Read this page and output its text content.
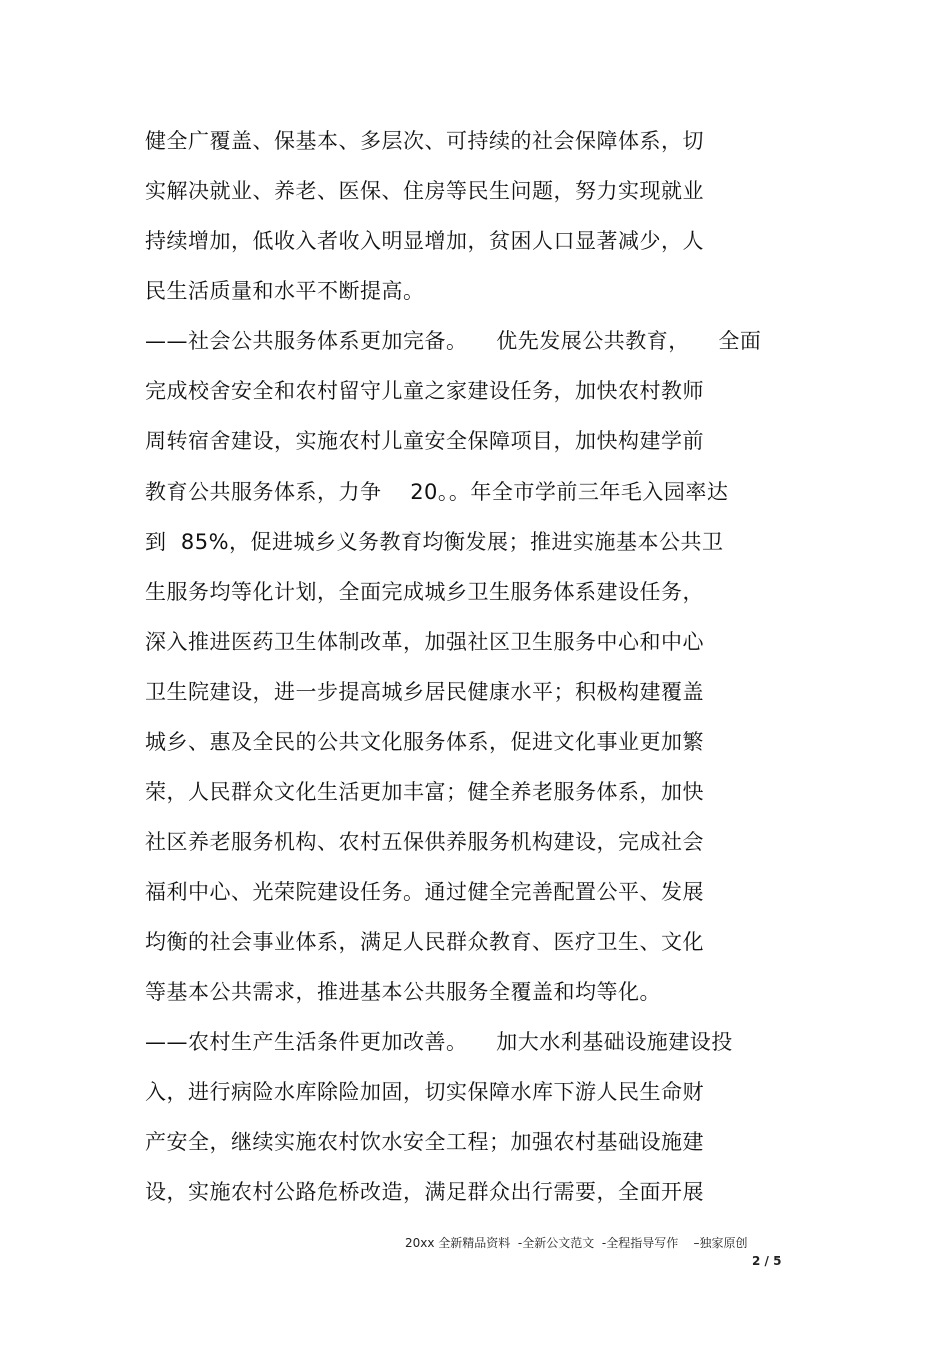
健全广覆盖、保基本、多层次、可持续的社会保障体系，切
实解决就业、养老、医保、住房等民生问题，努力实现就业
持续增加，低收入者收入明显增加，贫困人口显著减少，人
民生活质量和水平不断提高。
——社会公共服务体系更加完备。    优先发展公共教育，    全面
完成校舍安全和农村留守儿童之家建设任务，加快农村教师
周转宿舍建设，实施农村儿童安全保障项目，加快构建学前
教育公共服务体系，力争    20。。年全市学前三年毛入园率达
到  85%，促进城乡义务教育均衡发展；推进实施基本公共卫
生服务均等化计划，全面完成城乡卫生服务体系建设任务，
深入推进医药卫生体制改革，加强社区卫生服务中心和中心
卫生院建设，进一步提高城乡居民健康水平；积极构建覆盖
城乡、惠及全民的公共文化服务体系，促进文化事业更加繁
荣，人民群众文化生活更加丰富；健全养老服务体系，加快
社区养老服务机构、农村五保供养服务机构建设，完成社会
福利中心、光荣院建设任务。通过健全完善配置公平、发展
均衡的社会事业体系，满足人民群众教育、医疗卫生、文化
等基本公共需求，推进基本公共服务全覆盖和均等化。
——农村生产生活条件更加改善。    加大水利基础设施建设投
入，进行病险水库除险加固，切实保障水库下游人民生命财
产安全，继续实施农村饮水安全工程；加强农村基础设施建
设，实施农村公路危桥改造，满足群众出行需要，全面开展
20xx 全新精品资料  -全新公文范文  -全程指导写作    –独家原创
2 / 5
